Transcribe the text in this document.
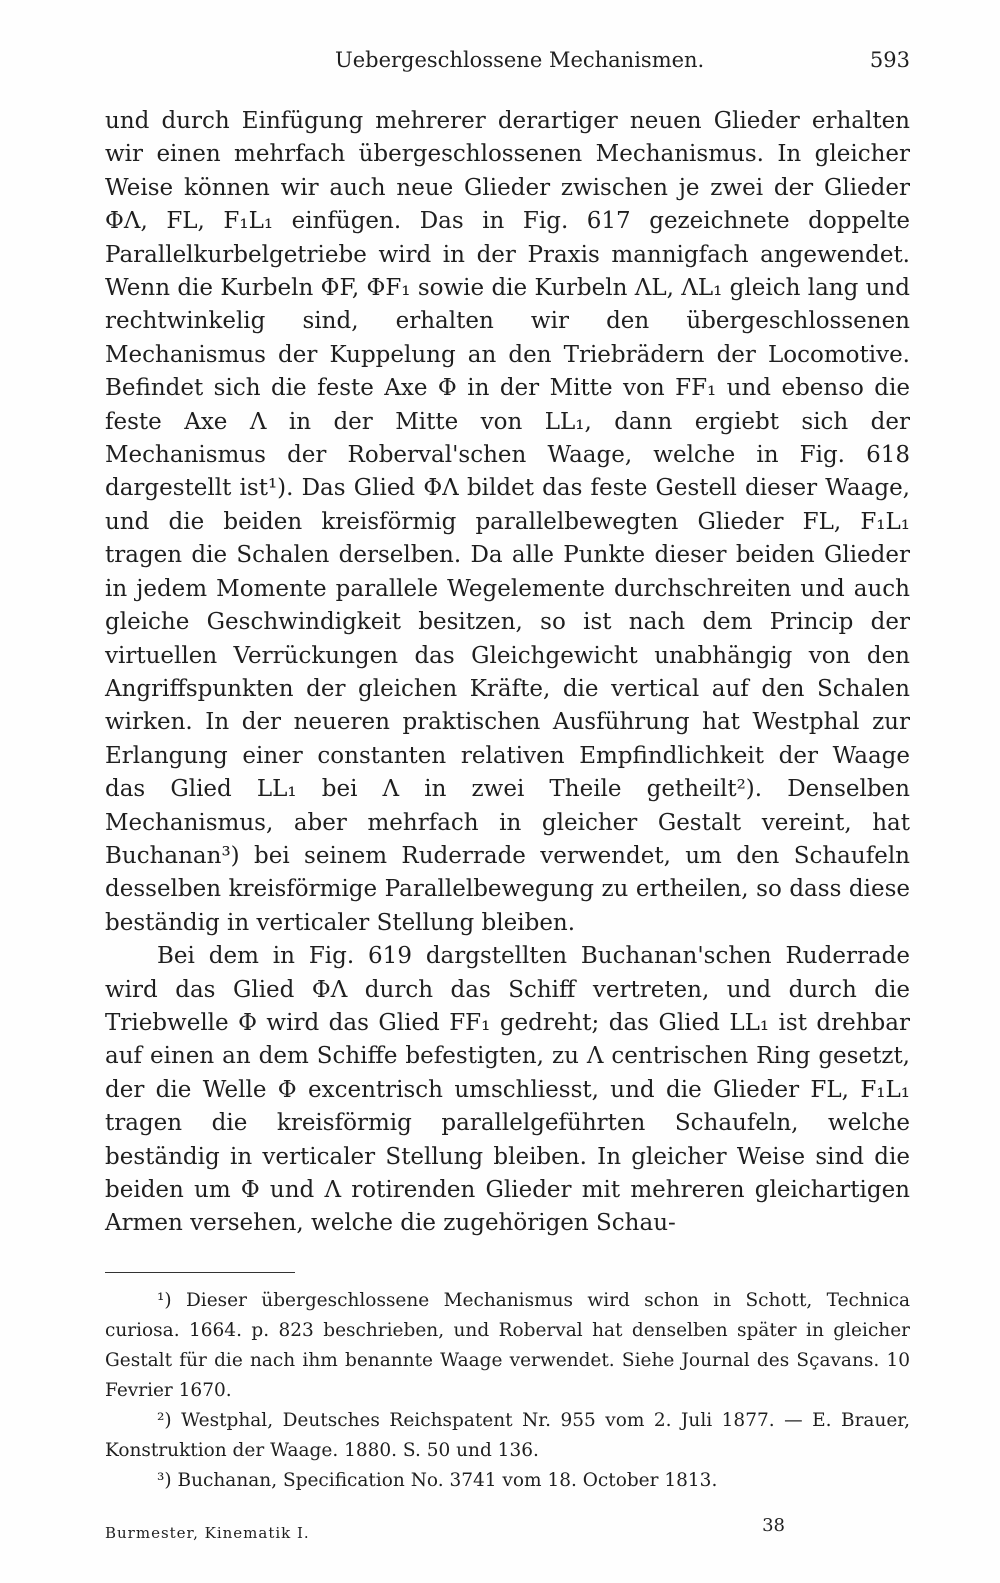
Uebergeschlossene Mechanismen.	593

und durch Einfügung mehrerer derartiger neuen Glieder erhalten wir einen mehrfach übergeschlossenen Mechanismus. In gleicher Weise können wir auch neue Glieder zwischen je zwei der Glieder ΦΛ, FL, F₁L₁ einfügen. Das in Fig. 617 gezeichnete doppelte Parallelkurbelgetriebe wird in der Praxis mannigfach angewendet. Wenn die Kurbeln ΦF, ΦF₁ sowie die Kurbeln ΛL, ΛL₁ gleich lang und rechtwinkelig sind, erhalten wir den übergeschlossenen Mechanismus der Kuppelung an den Triebrädern der Locomotive. Befindet sich die feste Axe Φ in der Mitte von FF₁ und ebenso die feste Axe Λ in der Mitte von LL₁, dann ergiebt sich der Mechanismus der Roberval'schen Waage, welche in Fig. 618 dargestellt ist¹). Das Glied ΦΛ bildet das feste Gestell dieser Waage, und die beiden kreisförmig parallelbewegten Glieder FL, F₁L₁ tragen die Schalen derselben. Da alle Punkte dieser beiden Glieder in jedem Momente parallele Wegelemente durchschreiten und auch gleiche Geschwindigkeit besitzen, so ist nach dem Princip der virtuellen Verrückungen das Gleichgewicht unabhängig von den Angriffspunkten der gleichen Kräfte, die vertical auf den Schalen wirken. In der neueren praktischen Ausführung hat Westphal zur Erlangung einer constanten relativen Empfindlichkeit der Waage das Glied LL₁ bei Λ in zwei Theile getheilt²). Denselben Mechanismus, aber mehrfach in gleicher Gestalt vereint, hat Buchanan³) bei seinem Ruderrade verwendet, um den Schaufeln desselben kreisförmige Parallelbewegung zu ertheilen, so dass diese beständig in verticaler Stellung bleiben.

Bei dem in Fig. 619 dargstellten Buchanan'schen Ruderrade wird das Glied ΦΛ durch das Schiff vertreten, und durch die Triebwelle Φ wird das Glied FF₁ gedreht; das Glied LL₁ ist drehbar auf einen an dem Schiffe befestigten, zu Λ centrischen Ring gesetzt, der die Welle Φ excentrisch umschliesst, und die Glieder FL, F₁L₁ tragen die kreisförmig parallelgeführten Schaufeln, welche beständig in verticaler Stellung bleiben. In gleicher Weise sind die beiden um Φ und Λ rotirenden Glieder mit mehreren gleichartigen Armen versehen, welche die zugehörigen Schau-

¹) Dieser übergeschlossene Mechanismus wird schon in Schott, Technica curiosa. 1664. p. 823 beschrieben, und Roberval hat denselben später in gleicher Gestalt für die nach ihm benannte Waage verwendet. Siehe Journal des Sçavans. 10 Fevrier 1670.

²) Westphal, Deutsches Reichspatent Nr. 955 vom 2. Juli 1877. — E. Brauer, Konstruktion der Waage. 1880. S. 50 und 136.

³) Buchanan, Specification No. 3741 vom 18. October 1813.

Burmester, Kinematik I.	38
